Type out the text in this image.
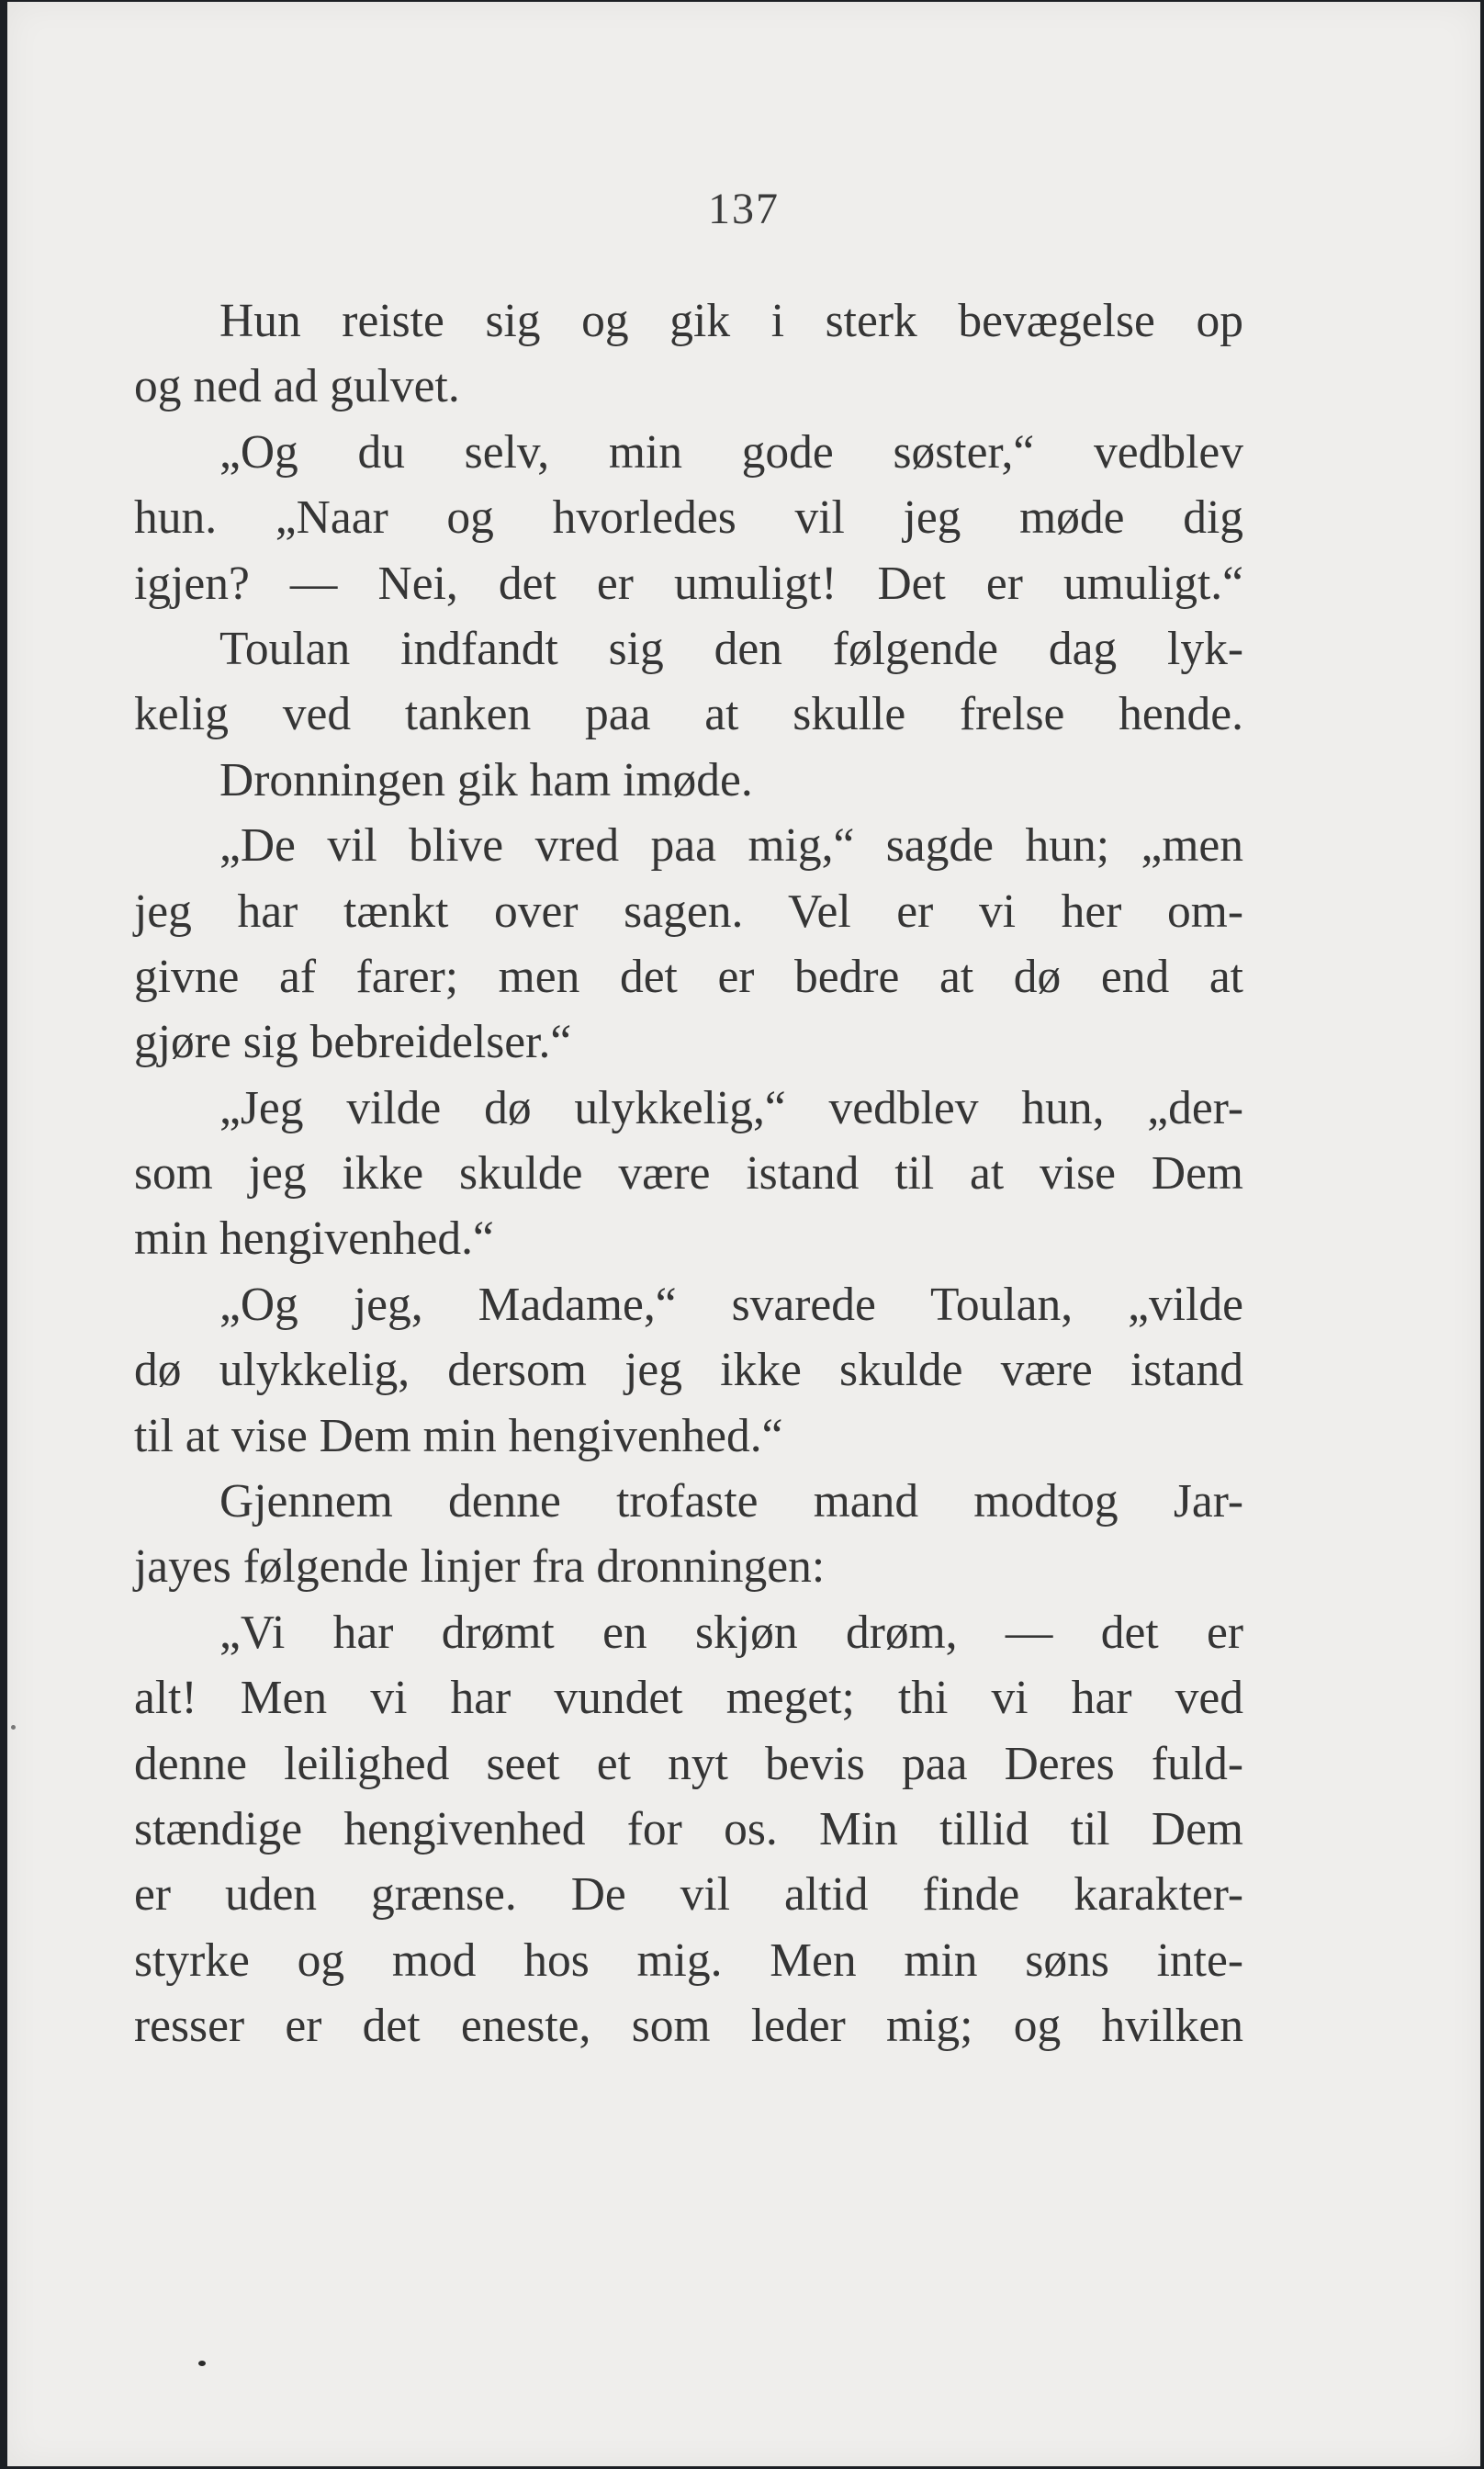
137
Hun reiste sig og gik i sterk bevægelse op
og ned ad gulvet.
„Og du selv, min gode søster,“ vedblev
hun. „Naar og hvorledes vil jeg møde dig
igjen? — Nei, det er umuligt! Det er umuligt.“
Toulan indfandt sig den følgende dag lyk-
kelig ved tanken paa at skulle frelse hende.
Dronningen gik ham imøde.
„De vil blive vred paa mig,“ sagde hun; „men
jeg har tænkt over sagen. Vel er vi her om-
givne af farer; men det er bedre at dø end at
gjøre sig bebreidelser.“
„Jeg vilde dø ulykkelig,“ vedblev hun, „der-
som jeg ikke skulde være istand til at vise Dem
min hengivenhed.“
„Og jeg, Madame,“ svarede Toulan, „vilde
dø ulykkelig, dersom jeg ikke skulde være istand
til at vise Dem min hengivenhed.“
Gjennem denne trofaste mand modtog Jar-
jayes følgende linjer fra dronningen:
„Vi har drømt en skjøn drøm, — det er
alt! Men vi har vundet meget; thi vi har ved
denne leilighed seet et nyt bevis paa Deres fuld-
stændige hengivenhed for os. Min tillid til Dem
er uden grænse. De vil altid finde karakter-
styrke og mod hos mig. Men min søns inte-
resser er det eneste, som leder mig; og hvilken
